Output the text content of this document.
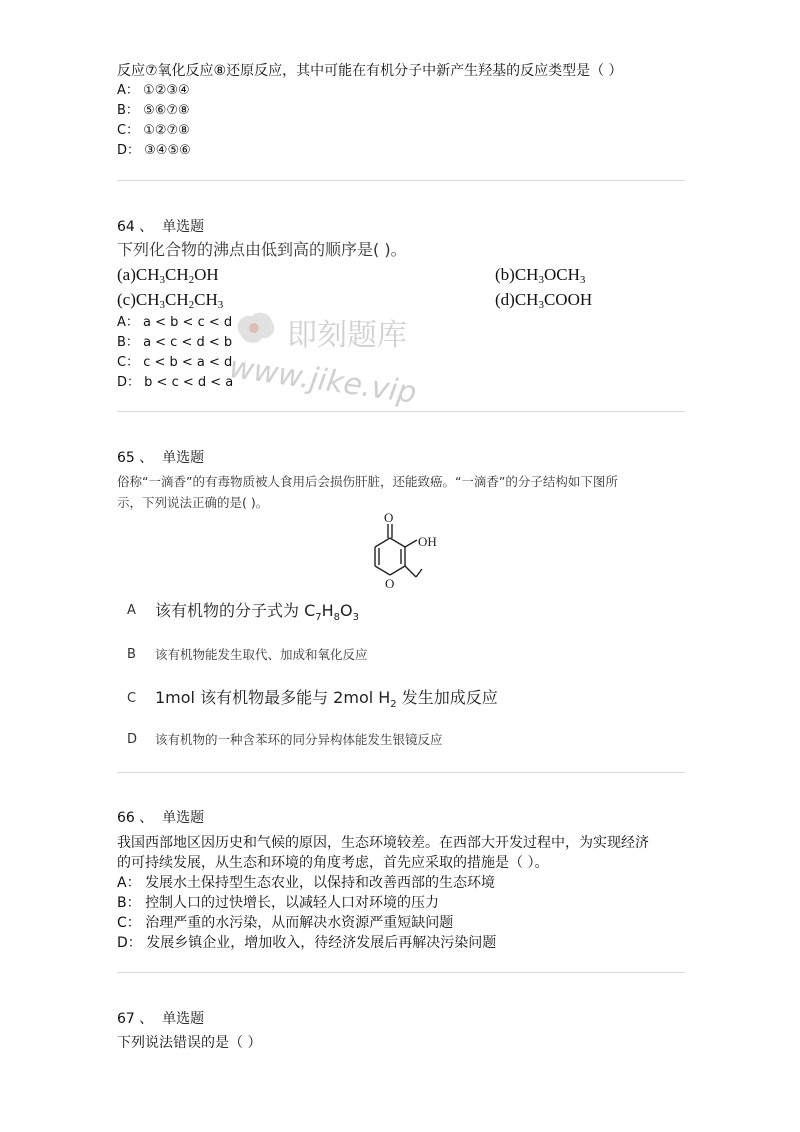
反应⑦氧化反应⑧还原反应，其中可能在有机分子中新产生羟基的反应类型是（ ）
A： ①②③④
B： ⑤⑥⑦⑧
C： ①②⑦⑧
D： ③④⑤⑥
64 、 单选题
下列化合物的沸点由低到高的顺序是( )。
$(a)CH_3CH_2OH$	$(b)CH_3OCH_3$
$(c)CH_3CH_2CH_3$	$(d)CH_3COOH$
A： a < b < c < d
B： a < c < d < b
C： c < b < a < d
D： b < c < d < a
即刻题库
www.jike.vip
65 、 单选题
俗称“一滴香”的有毒物质被人食用后会损伤肝脏，还能致癌。“一滴香”的分子结构如下图所
示，下列说法正确的是( )。
O
OH
O
A 该有机物的分子式为 $C_7H_8O_3$
B 该有机物能发生取代、加成和氧化反应
C 1mol 该有机物最多能与 2mol $H_2$ 发生加成反应
D 该有机物的一种含苯环的同分异构体能发生银镜反应
66 、 单选题
我国西部地区因历史和气候的原因，生态环境较差。在西部大开发过程中，为实现经济
的可持续发展，从生态和环境的角度考虑，首先应采取的措施是（ ）。
A： 发展水土保持型生态农业，以保持和改善西部的生态环境
B： 控制人口的过快增长，以减轻人口对环境的压力
C： 治理严重的水污染，从而解决水资源严重短缺问题
D： 发展乡镇企业，增加收入，待经济发展后再解决污染问题
67 、 单选题
下列说法错误的是（ ）
